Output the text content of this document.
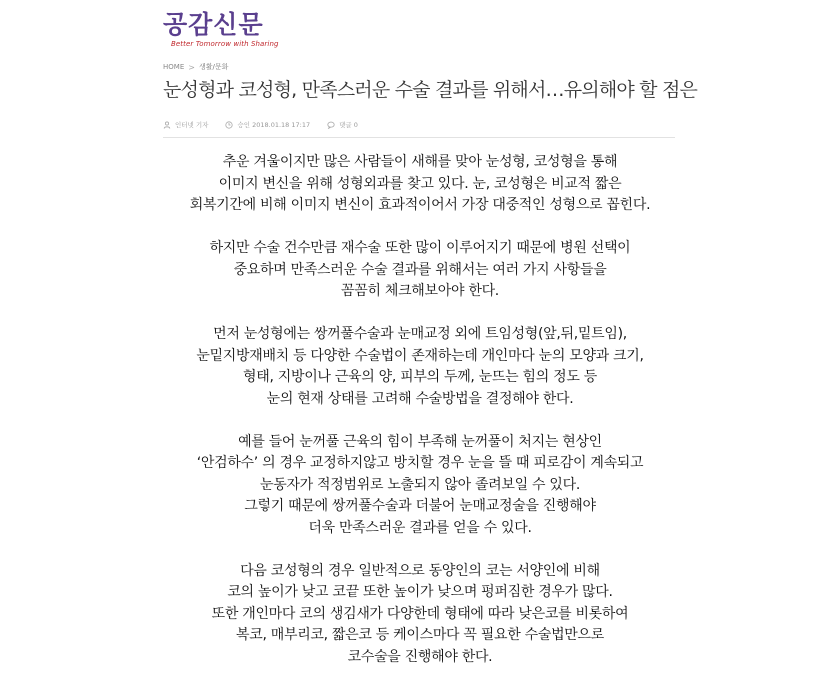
공감신문
Better Tomorrow with Sharing
HOME > 생활/문화
눈성형과 코성형, 만족스러운 수술 결과를 위해서…유의해야 할 점은
인터넷 기자	승인 2018.01.18 17:17	댓글 0

추운 겨울이지만 많은 사람들이 새해를 맞아 눈성형, 코성형을 통해
이미지 변신을 위해 성형외과를 찾고 있다. 눈, 코성형은 비교적 짧은
회복기간에 비해 이미지 변신이 효과적이어서 가장 대중적인 성형으로 꼽힌다.

하지만 수술 건수만큼 재수술 또한 많이 이루어지기 때문에 병원 선택이
중요하며 만족스러운 수술 결과를 위해서는 여러 가지 사항들을
꼼꼼히 체크해보아야 한다.

먼저 눈성형에는 쌍꺼풀수술과 눈매교정 외에 트임성형(앞,뒤,밑트임),
눈밑지방재배치 등 다양한 수술법이 존재하는데 개인마다 눈의 모양과 크기,
형태, 지방이나 근육의 양, 피부의 두께, 눈뜨는 힘의 정도 등
눈의 현재 상태를 고려해 수술방법을 결정해야 한다.

예를 들어 눈꺼풀 근육의 힘이 부족해 눈꺼풀이 처지는 현상인
‘안검하수’ 의 경우 교정하지않고 방치할 경우 눈을 뜰 때 피로감이 계속되고
눈동자가 적정범위로 노출되지 않아 졸려보일 수 있다.
그렇기 때문에 쌍꺼풀수술과 더불어 눈매교정술을 진행해야
더욱 만족스러운 결과를 얻을 수 있다.

다음 코성형의 경우 일반적으로 동양인의 코는 서양인에 비해
코의 높이가 낮고 코끝 또한 높이가 낮으며 펑퍼짐한 경우가 많다.
또한 개인마다 코의 생김새가 다양한데 형태에 따라 낮은코를 비롯하여
복코, 매부리코, 짧은코 등 케이스마다 꼭 필요한 수술법만으로
코수술을 진행해야 한다.
